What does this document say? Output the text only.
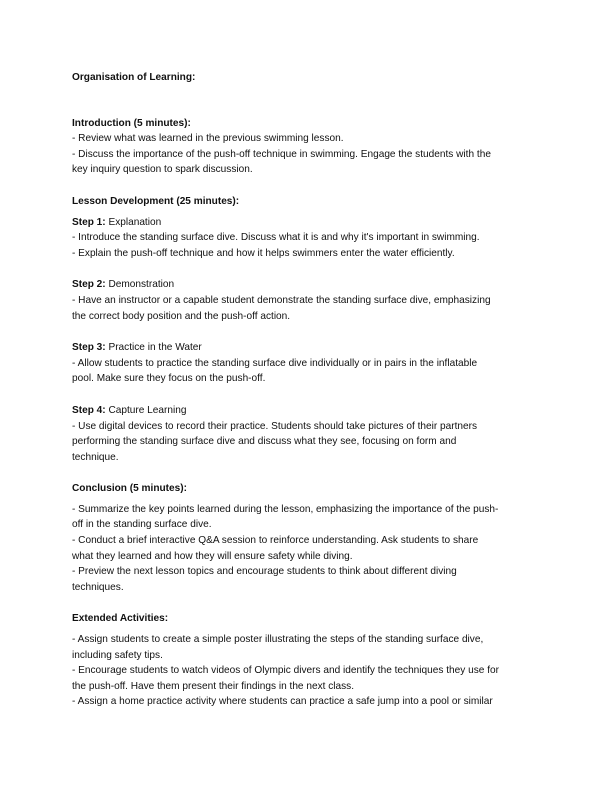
Organisation of Learning:
Introduction (5 minutes):
- Review what was learned in the previous swimming lesson.
- Discuss the importance of the push-off technique in swimming. Engage the students with the
key inquiry question to spark discussion.
Lesson Development (25 minutes):
Step 1: Explanation
- Introduce the standing surface dive. Discuss what it is and why it's important in swimming.
- Explain the push-off technique and how it helps swimmers enter the water efficiently.
Step 2: Demonstration
- Have an instructor or a capable student demonstrate the standing surface dive, emphasizing
the correct body position and the push-off action.
Step 3: Practice in the Water
- Allow students to practice the standing surface dive individually or in pairs in the inflatable
pool. Make sure they focus on the push-off.
Step 4: Capture Learning
- Use digital devices to record their practice. Students should take pictures of their partners
performing the standing surface dive and discuss what they see, focusing on form and
technique.
Conclusion (5 minutes):
- Summarize the key points learned during the lesson, emphasizing the importance of the push-
off in the standing surface dive.
- Conduct a brief interactive Q&A session to reinforce understanding. Ask students to share
what they learned and how they will ensure safety while diving.
- Preview the next lesson topics and encourage students to think about different diving
techniques.
Extended Activities:
- Assign students to create a simple poster illustrating the steps of the standing surface dive,
including safety tips.
- Encourage students to watch videos of Olympic divers and identify the techniques they use for
the push-off. Have them present their findings in the next class.
- Assign a home practice activity where students can practice a safe jump into a pool or similar
